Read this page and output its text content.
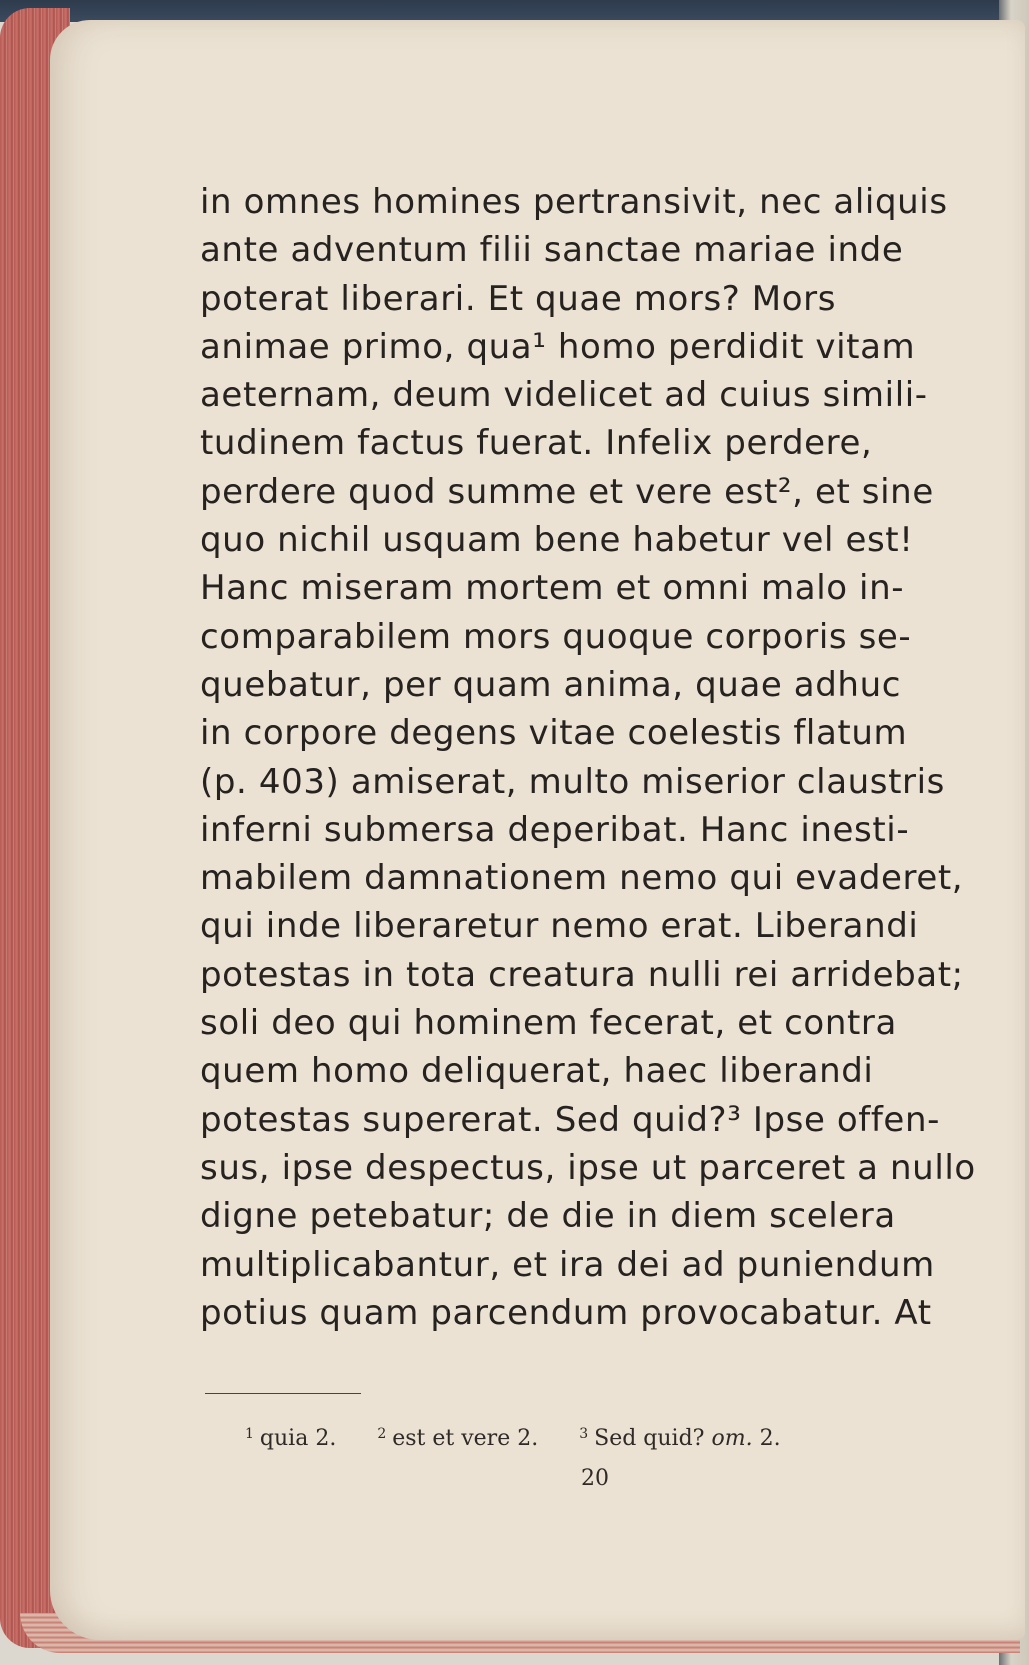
in omnes homines pertransivit, nec aliquis
ante adventum filii sanctae mariae inde
poterat liberari. Et quae mors? Mors
animae primo, qua¹ homo perdidit vitam
aeternam, deum videlicet ad cuius simili-
tudinem factus fuerat. Infelix perdere,
perdere quod summe et vere est², et sine
quo nichil usquam bene habetur vel est!
Hanc miseram mortem et omni malo in-
comparabilem mors quoque corporis se-
quebatur, per quam anima, quae adhuc
in corpore degens vitae coelestis flatum
(p. 403) amiserat, multo miserior claustris
inferni submersa deperibat. Hanc inesti-
mabilem damnationem nemo qui evaderet,
qui inde liberaretur nemo erat. Liberandi
potestas in tota creatura nulli rei arridebat;
soli deo qui hominem fecerat, et contra
quem homo deliquerat, haec liberandi
potestas supererat. Sed quid?³ Ipse offen-
sus, ipse despectus, ipse ut parceret a nullo
digne petebatur; de die in diem scelera
multiplicabantur, et ira dei ad puniendum
potius quam parcendum provocabatur. At
$^1$ quia 2.	$^2$ est et vere 2.	$^3$ Sed quid? om. 2.
20
